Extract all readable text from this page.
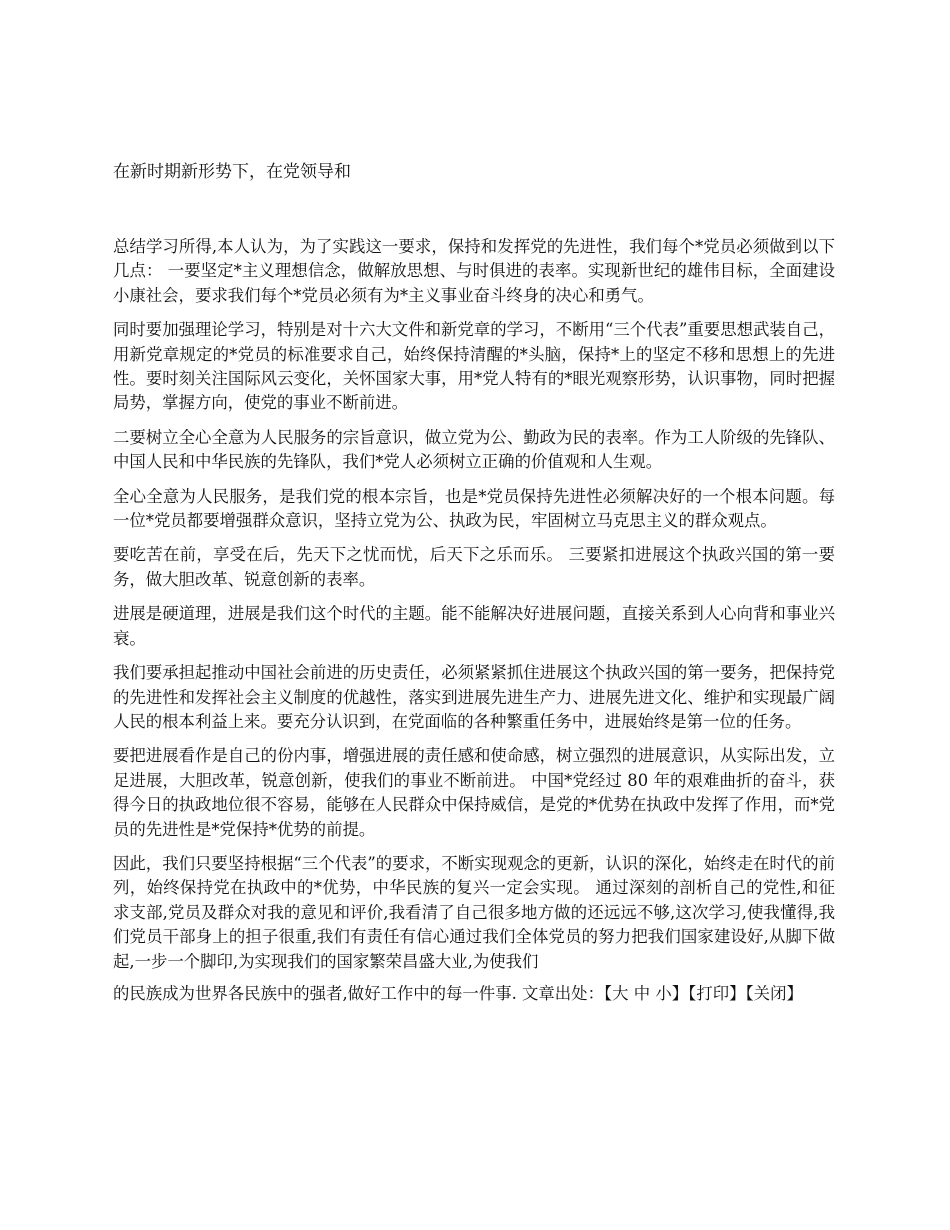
在新时期新形势下，在党领导和

总结学习所得,本人认为，为了实践这一要求，保持和发挥党的先进性，我们每个*党员必须做到以下几点： 一要坚定*主义理想信念，做解放思想、与时俱进的表率。实现新世纪的雄伟目标，全面建设小康社会，要求我们每个*党员必须有为*主义事业奋斗终身的决心和勇气。

同时要加强理论学习，特别是对十六大文件和新党章的学习，不断用“三个代表”重要思想武装自己，用新党章规定的*党员的标准要求自己，始终保持清醒的*头脑，保持*上的坚定不移和思想上的先进性。要时刻关注国际风云变化，关怀国家大事，用*党人特有的*眼光观察形势，认识事物，同时把握局势，掌握方向，使党的事业不断前进。

二要树立全心全意为人民服务的宗旨意识，做立党为公、勤政为民的表率。作为工人阶级的先锋队、中国人民和中华民族的先锋队，我们*党人必须树立正确的价值观和人生观。

全心全意为人民服务，是我们党的根本宗旨，也是*党员保持先进性必须解决好的一个根本问题。每一位*党员都要增强群众意识，坚持立党为公、执政为民，牢固树立马克思主义的群众观点。

要吃苦在前，享受在后，先天下之忧而忧，后天下之乐而乐。 三要紧扣进展这个执政兴国的第一要务，做大胆改革、锐意创新的表率。

进展是硬道理，进展是我们这个时代的主题。能不能解决好进展问题，直接关系到人心向背和事业兴衰。

我们要承担起推动中国社会前进的历史责任，必须紧紧抓住进展这个执政兴国的第一要务，把保持党的先进性和发挥社会主义制度的优越性，落实到进展先进生产力、进展先进文化、维护和实现最广阔人民的根本利益上来。要充分认识到，在党面临的各种繁重任务中，进展始终是第一位的任务。

要把进展看作是自己的份内事，增强进展的责任感和使命感，树立强烈的进展意识，从实际出发，立足进展，大胆改革，锐意创新，使我们的事业不断前进。 中国*党经过 80 年的艰难曲折的奋斗，获得今日的执政地位很不容易，能够在人民群众中保持威信，是党的*优势在执政中发挥了作用，而*党员的先进性是*党保持*优势的前提。

因此，我们只要坚持根据“三个代表”的要求，不断实现观念的更新，认识的深化，始终走在时代的前列，始终保持党在执政中的*优势，中华民族的复兴一定会实现。 通过深刻的剖析自己的党性,和征求支部,党员及群众对我的意见和评价,我看清了自己很多地方做的还远远不够,这次学习,使我懂得,我们党员干部身上的担子很重,我们有责任有信心通过我们全体党员的努力把我们国家建设好,从脚下做起,一步一个脚印,为实现我们的国家繁荣昌盛大业,为使我们

的民族成为世界各民族中的强者,做好工作中的每一件事. 文章出处：【大 中 小】【打印】【关闭】
